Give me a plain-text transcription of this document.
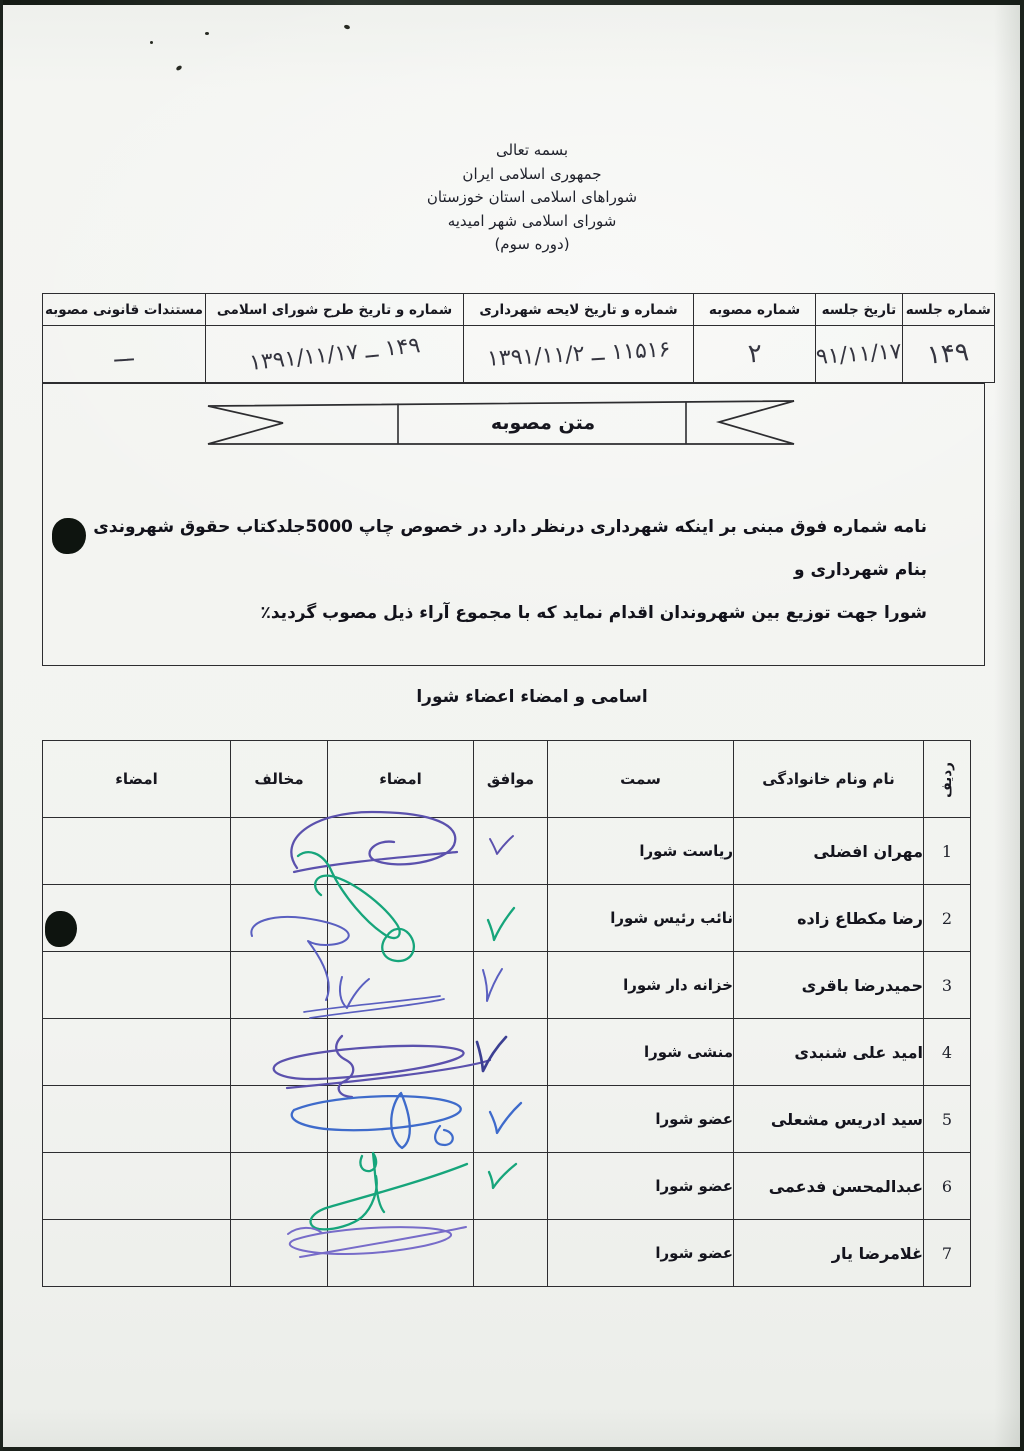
بسمه تعالی
جمهوری اسلامی ایران
شوراهای اسلامی استان خوزستان
شورای اسلامی شهر امیدیه
(دوره سوم)
شماره جلسه	تاریخ جلسه	شماره مصوبه	شماره و تاریخ لایحه شهرداری	شماره و تاریخ طرح شورای اسلامی	مستندات قانونی مصوبه
۱۴۹	۹۱/۱۱/۱۷	۲	۱۱۵۱۶ ــ ۱۳۹۱/۱۱/۲	۱۴۹ ــ ۱۳۹۱/۱۱/۱۷	ـــ
متن مصوبه
نامه شماره فوق مبنی بر اینکه شهرداری درنظر دارد در خصوص چاپ 5000جلدکتاب حقوق شهروندی بنام شهرداری و
شورا جهت توزیع بین شهروندان اقدام نماید که با مجموع آراء ذیل مصوب گردید٪
اسامی و امضاء اعضاء شورا
ردیف	نام ونام خانوادگی	سمت	موافق	امضاء	مخالف	امضاء
1	مهران افضلی	ریاست شورا				
2	رضا مکطاع زاده	نائب رئیس شورا				
3	حمیدرضا باقری	خزانه دار شورا				
4	امید علی شنبدی	منشی شورا				
5	سید ادریس مشعلی	عضو شورا				
6	عبدالمحسن فدعمی	عضو شورا				
7	غلامرضا یار	عضو شورا				
